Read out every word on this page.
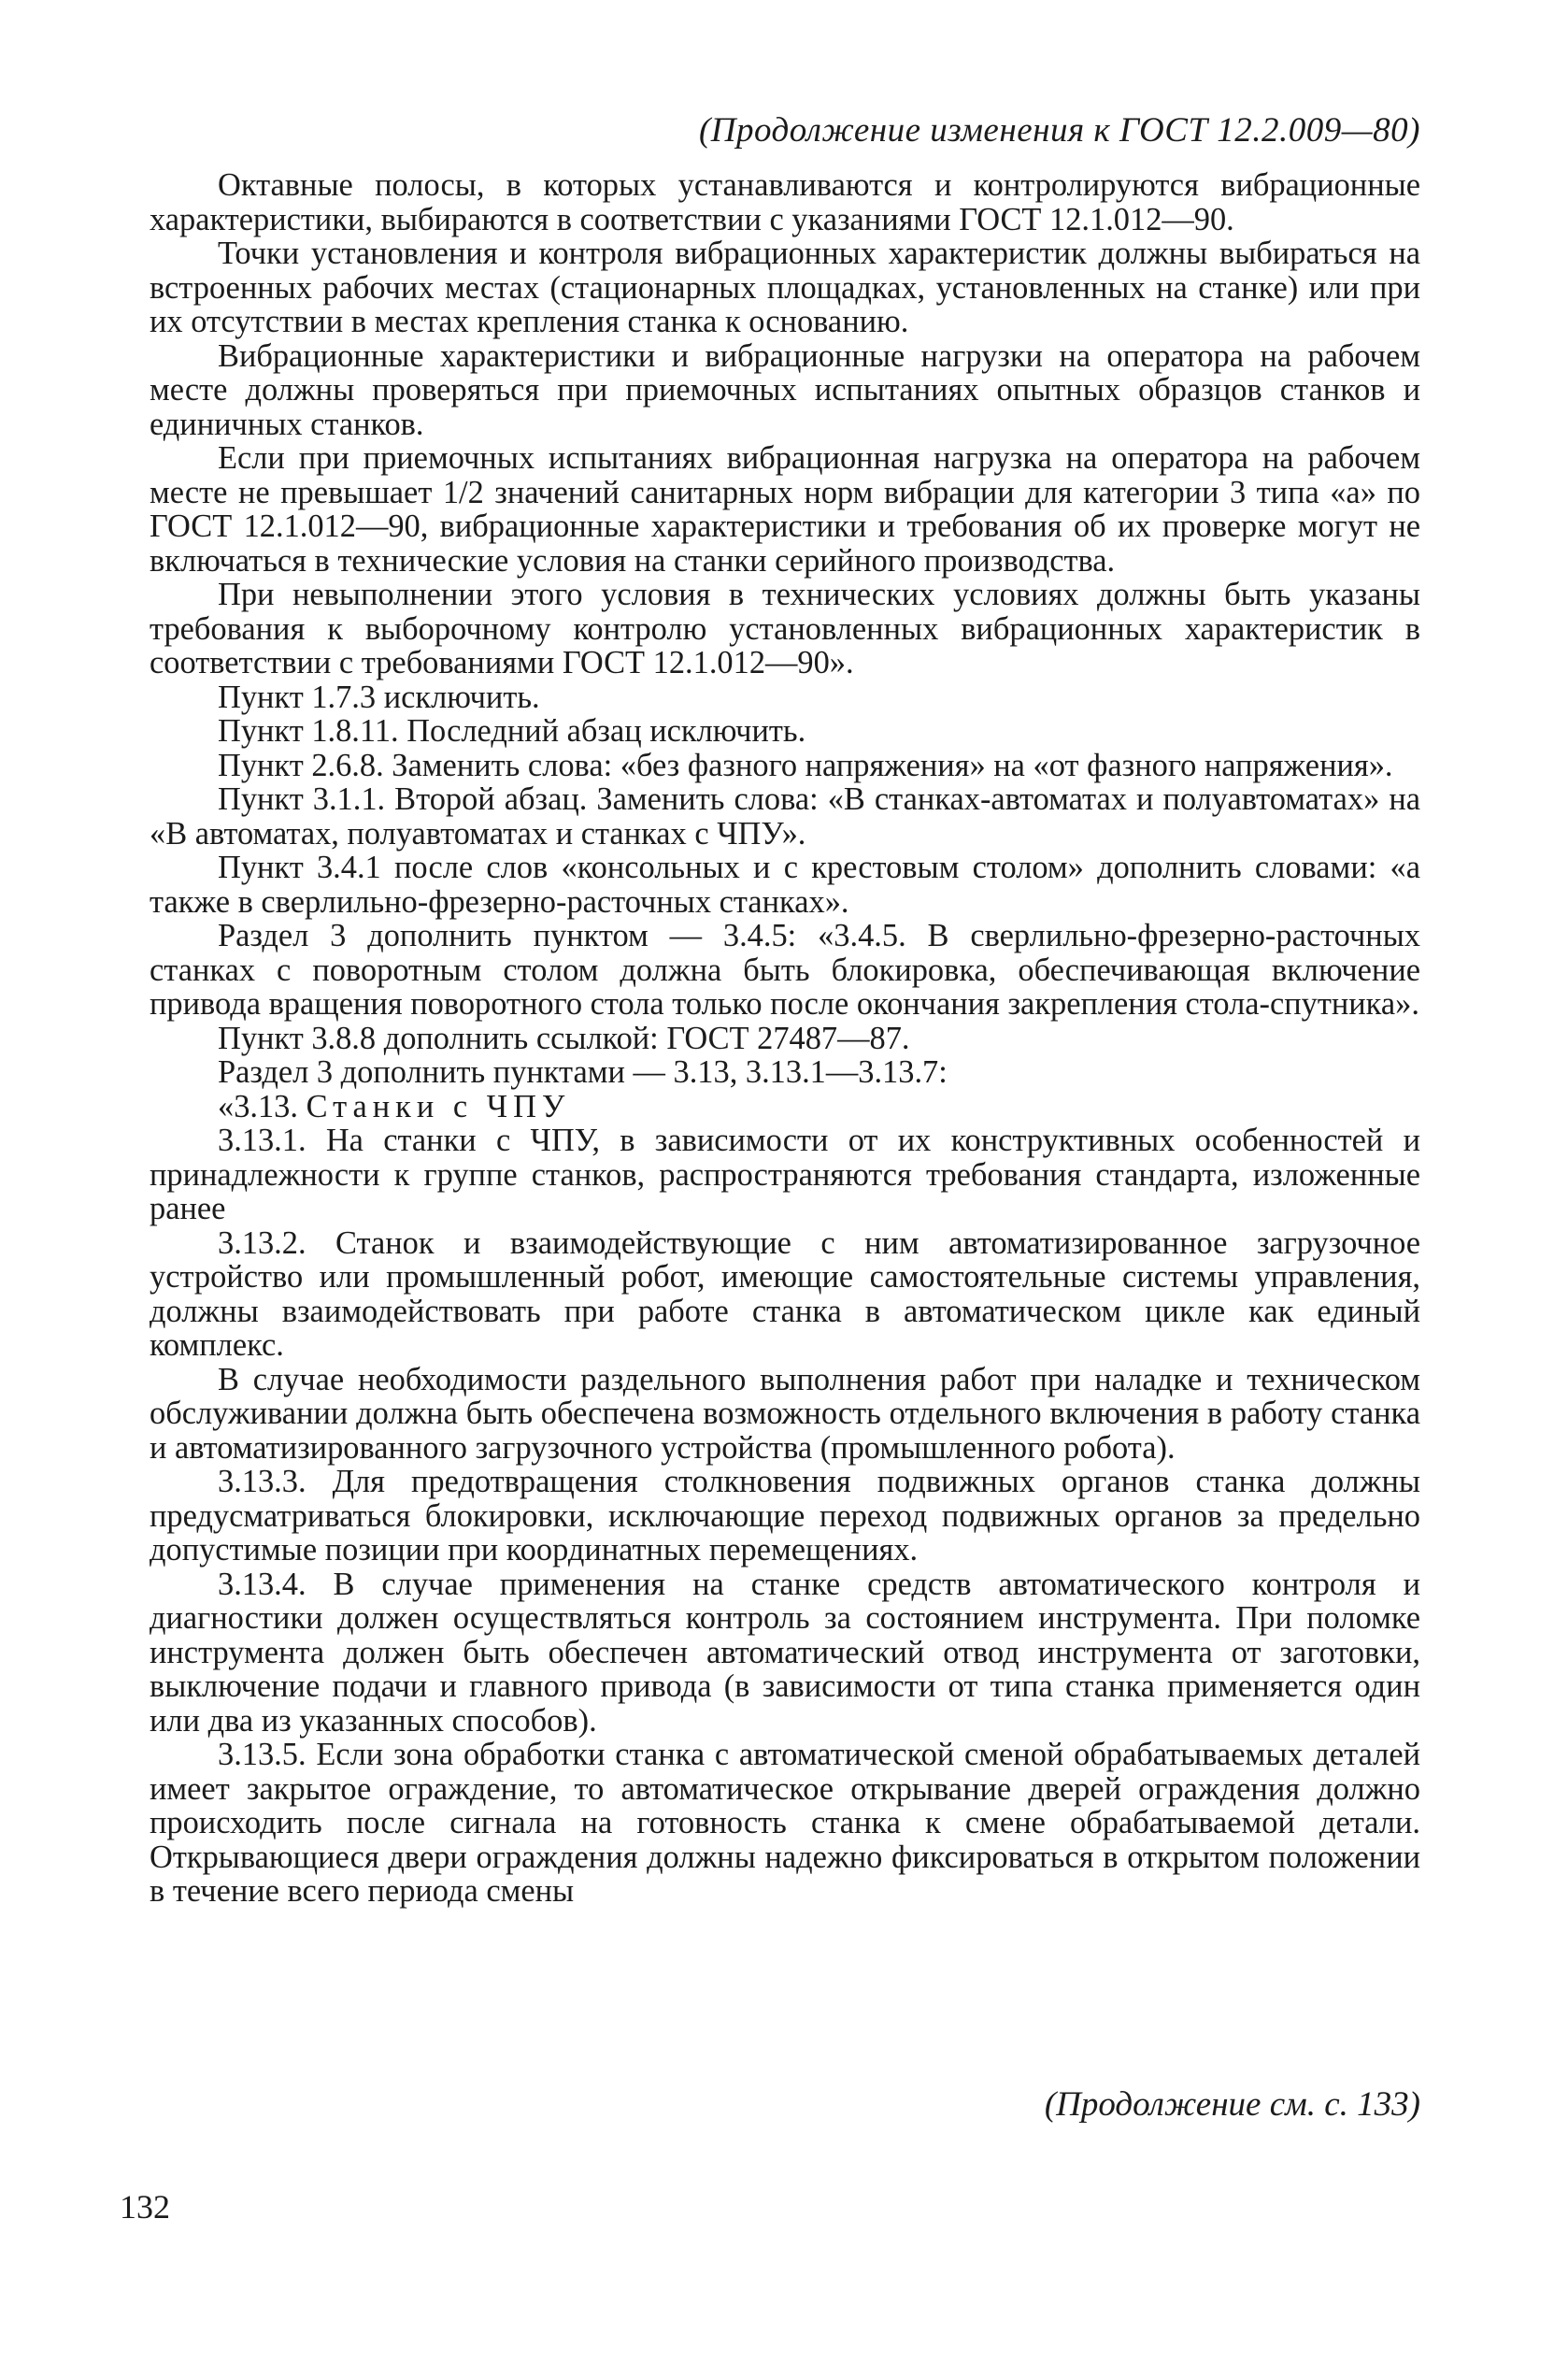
(Продолжение изменения к ГОСТ 12.2.009—80)

Октавные полосы, в которых устанавливаются и контролируются вибрационные характеристики, выбираются в соответствии с указаниями ГОСТ 12.1.012—90.

Точки установления и контроля вибрационных характеристик должны выбираться на встроенных рабочих местах (стационарных площадках, установленных на станке) или при их отсутствии в местах крепления станка к основанию.

Вибрационные характеристики и вибрационные нагрузки на оператора на рабочем месте должны проверяться при приемочных испытаниях опытных образцов станков и единичных станков.

Если при приемочных испытаниях вибрационная нагрузка на оператора на рабочем месте не превышает 1/2 значений санитарных норм вибрации для категории 3 типа «а» по ГОСТ 12.1.012—90, вибрационные характеристики и требования об их проверке могут не включаться в технические условия на станки серийного производства.

При невыполнении этого условия в технических условиях должны быть указаны требования к выборочному контролю установленных вибрационных характеристик в соответствии с требованиями ГОСТ 12.1.012—90».

Пункт 1.7.3 исключить.

Пункт 1.8.11. Последний абзац исключить.

Пункт 2.6.8. Заменить слова: «без фазного напряжения» на «от фазного напряжения».

Пункт 3.1.1. Второй абзац. Заменить слова: «В станках-автоматах и полуавтоматах» на «В автоматах, полуавтоматах и станках с ЧПУ».

Пункт 3.4.1 после слов «консольных и с крестовым столом» дополнить словами: «а также в сверлильно-фрезерно-расточных станках».

Раздел 3 дополнить пунктом — 3.4.5: «3.4.5. В сверлильно-фрезерно-расточных станках с поворотным столом должна быть блокировка, обеспечивающая включение привода вращения поворотного стола только после окончания закрепления стола-спутника».

Пункт 3.8.8 дополнить ссылкой: ГОСТ 27487—87.

Раздел 3 дополнить пунктами — 3.13, 3.13.1—3.13.7:

«3.13. Станки с ЧПУ

3.13.1. На станки с ЧПУ, в зависимости от их конструктивных особенностей и принадлежности к группе станков, распространяются требования стандарта, изложенные ранее

3.13.2. Станок и взаимодействующие с ним автоматизированное загрузочное устройство или промышленный робот, имеющие самостоятельные системы управления, должны взаимодействовать при работе станка в автоматическом цикле как единый комплекс.

В случае необходимости раздельного выполнения работ при наладке и техническом обслуживании должна быть обеспечена возможность отдельного включения в работу станка и автоматизированного загрузочного устройства (промышленного робота).

3.13.3. Для предотвращения столкновения подвижных органов станка должны предусматриваться блокировки, исключающие переход подвижных органов за предельно допустимые позиции при координатных перемещениях.

3.13.4. В случае применения на станке средств автоматического контроля и диагностики должен осуществляться контроль за состоянием инструмента. При поломке инструмента должен быть обеспечен автоматический отвод инструмента от заготовки, выключение подачи и главного привода (в зависимости от типа станка применяется один или два из указанных способов).

3.13.5. Если зона обработки станка с автоматической сменой обрабатываемых деталей имеет закрытое ограждение, то автоматическое открывание дверей ограждения должно происходить после сигнала на готовность станка к смене обрабатываемой детали. Открывающиеся двери ограждения должны надежно фиксироваться в открытом положении в течение всего периода смены

(Продолжение см. с. 133)
132
